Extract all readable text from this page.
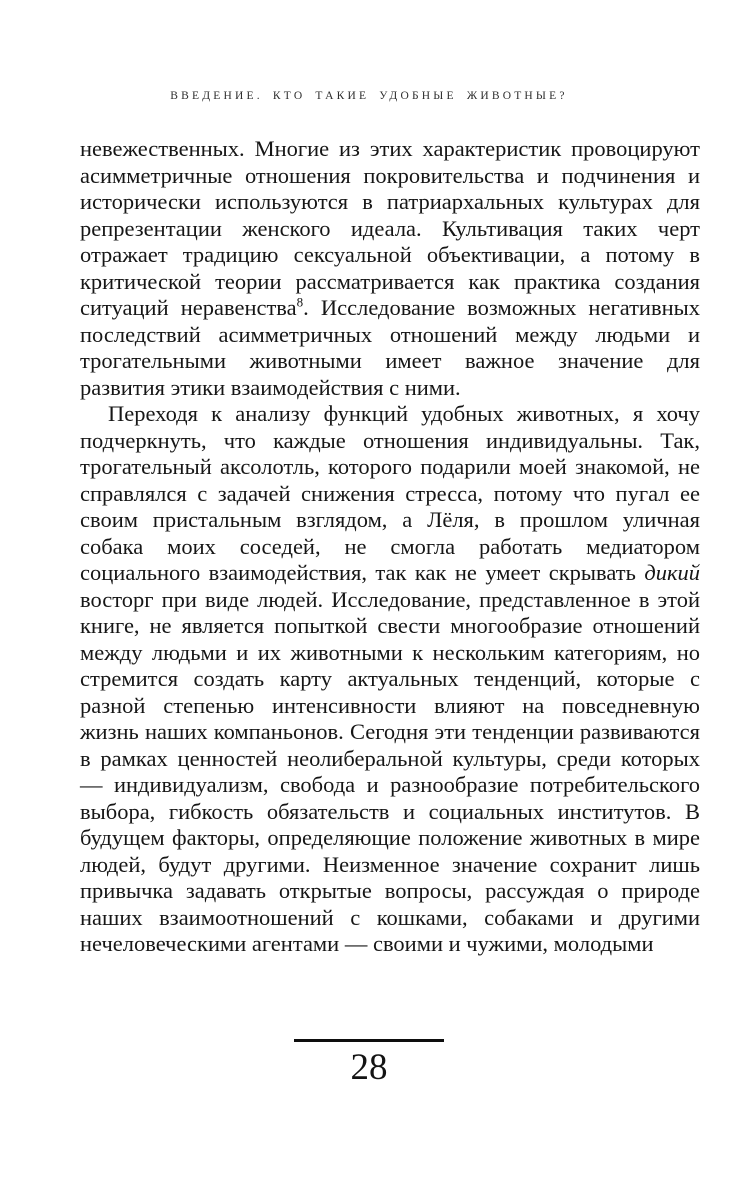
ВВЕДЕНИЕ. КТО ТАКИЕ УДОБНЫЕ ЖИВОТНЫЕ?

невежественных. Многие из этих характеристик провоцируют асимметричные отношения покровительства и подчинения и исторически используются в патриархальных культурах для репрезентации женского идеала. Культивация таких черт отражает традицию сексуальной объективации, а потому в критической теории рассматривается как практика создания ситуаций неравенства$^8$. Исследование возможных негативных последствий асимметричных отношений между людьми и трогательными животными имеет важное значение для развития этики взаимодействия с ними.

Переходя к анализу функций удобных животных, я хочу подчеркнуть, что каждые отношения индивидуальны. Так, трогательный аксолотль, которого подарили моей знакомой, не справлялся с задачей снижения стресса, потому что пугал ее своим пристальным взглядом, а Лёля, в прошлом уличная собака моих соседей, не смогла работать медиатором социального взаимодействия, так как не умеет скрывать дикий восторг при виде людей. Исследование, представленное в этой книге, не является попыткой свести многообразие отношений между людьми и их животными к нескольким категориям, но стремится создать карту актуальных тенденций, которые с разной степенью интенсивности влияют на повседневную жизнь наших компаньонов. Сегодня эти тенденции развиваются в рамках ценностей неолиберальной культуры, среди которых — индивидуализм, свобода и разнообразие потребительского выбора, гибкость обязательств и социальных институтов. В будущем факторы, определяющие положение животных в мире людей, будут другими. Неизменное значение сохранит лишь привычка задавать открытые вопросы, рассуждая о природе наших взаимоотношений с кошками, собаками и другими нечеловеческими агентами — своими и чужими, молодыми

28
